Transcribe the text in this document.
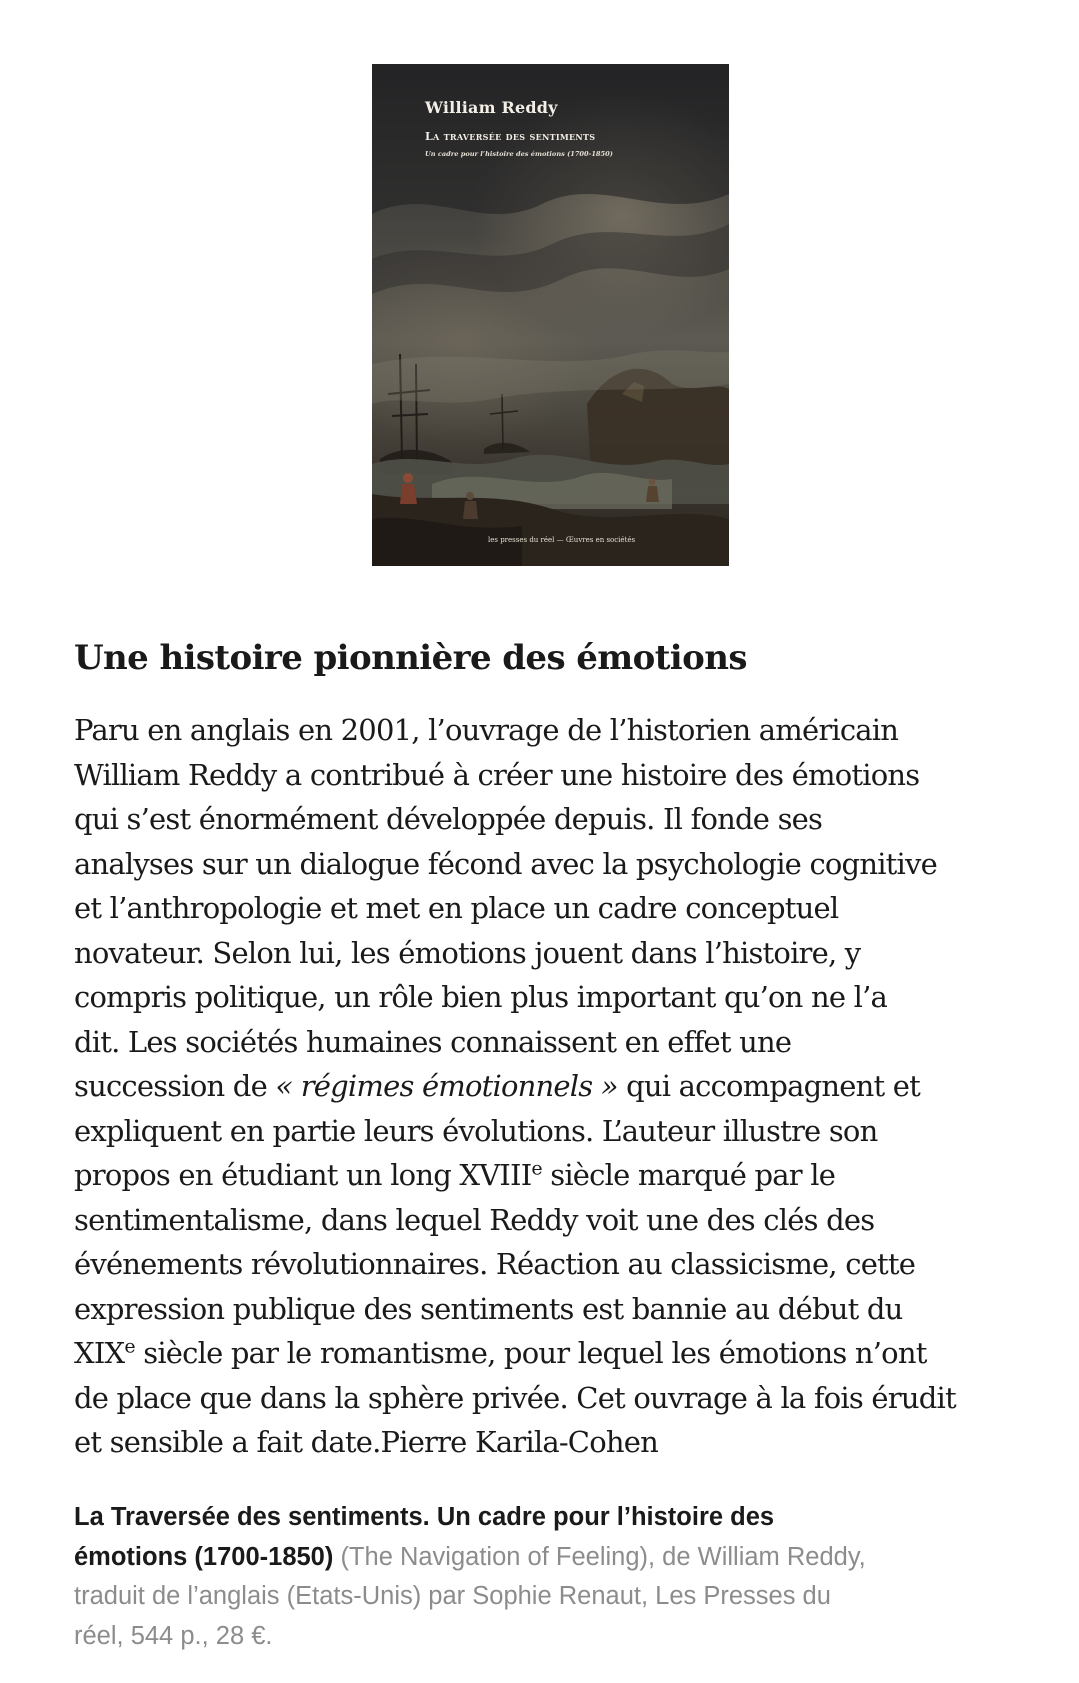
William Reddy
La traversée des sentiments
Un cadre pour l’histoire des émotions (1700-1850)
les presses du réel — Œuvres en sociétés
Une histoire pionnière des émotions

Paru en anglais en 2001, l’ouvrage de l’historien américain
William Reddy a contribué à créer une histoire des émotions
qui s’est énormément développée depuis. Il fonde ses
analyses sur un dialogue fécond avec la psychologie cognitive
et l’anthropologie et met en place un cadre conceptuel
novateur. Selon lui, les émotions jouent dans l’histoire, y
compris politique, un rôle bien plus important qu’on ne l’a
dit. Les sociétés humaines connaissent en effet une
succession de « régimes émotionnels » qui accompagnent et
expliquent en partie leurs évolutions. L’auteur illustre son
propos en étudiant un long XVIIIe siècle marqué par le
sentimentalisme, dans lequel Reddy voit une des clés des
événements révolutionnaires. Réaction au classicisme, cette
expression publique des sentiments est bannie au début du
XIXe siècle par le romantisme, pour lequel les émotions n’ont
de place que dans la sphère privée. Cet ouvrage à la fois érudit
et sensible a fait date.Pierre Karila-Cohen

La Traversée des sentiments. Un cadre pour l’histoire des
émotions (1700-1850) (The Navigation of Feeling), de William Reddy,
traduit de l’anglais (Etats-Unis) par Sophie Renaut, Les Presses du
réel, 544 p., 28 €.
